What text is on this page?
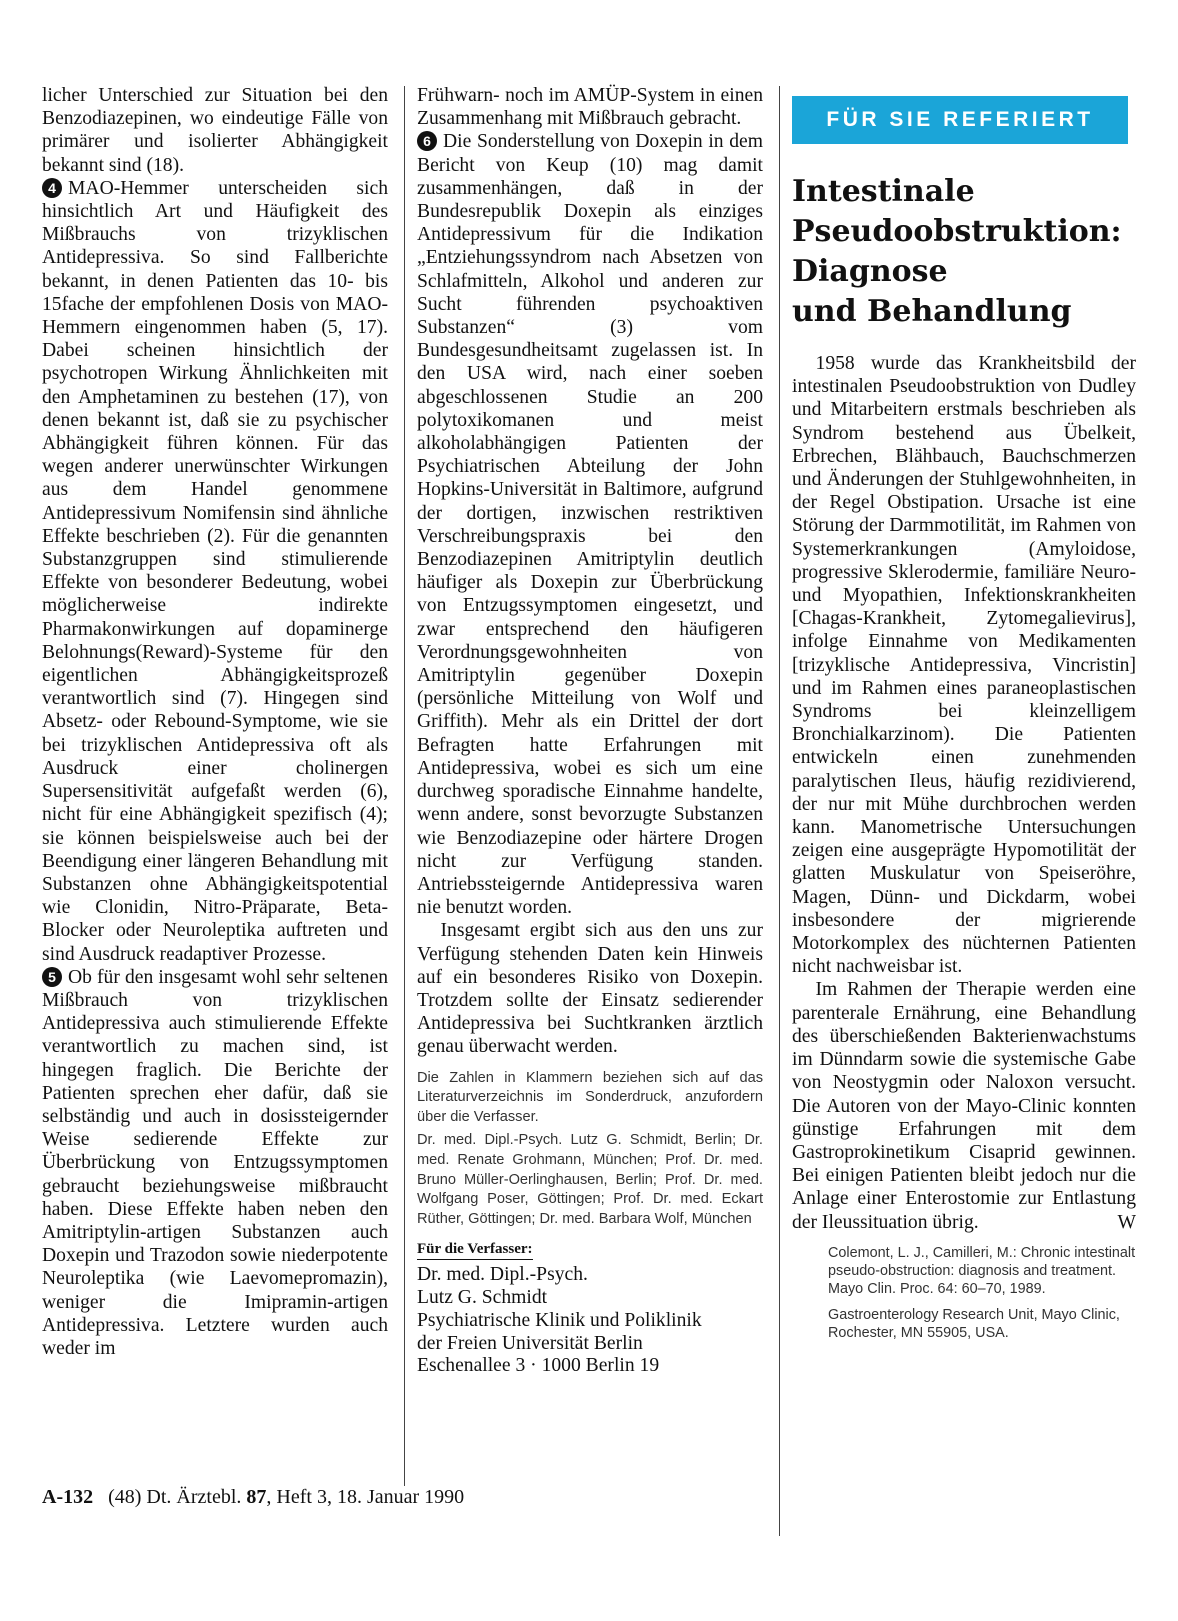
licher Unterschied zur Situation bei den Benzodiazepinen, wo eindeutige Fälle von primärer und isolierter Abhängigkeit bekannt sind (18).

4 MAO-Hemmer unterscheiden sich hinsichtlich Art und Häufigkeit des Mißbrauchs von trizyklischen Antidepressiva. So sind Fallberichte bekannt, in denen Patienten das 10- bis 15fache der empfohlenen Dosis von MAO-Hemmern eingenommen haben (5, 17). Dabei scheinen hinsichtlich der psychotropen Wirkung Ähnlichkeiten mit den Amphetaminen zu bestehen (17), von denen bekannt ist, daß sie zu psychischer Abhängigkeit führen können. Für das wegen anderer unerwünschter Wirkungen aus dem Handel genommene Antidepressivum Nomifensin sind ähnliche Effekte beschrieben (2). Für die genannten Substanzgruppen sind stimulierende Effekte von besonderer Bedeutung, wobei möglicherweise indirekte Pharmakonwirkungen auf dopaminerge Belohnungs(Reward)-Systeme für den eigentlichen Abhängigkeitsprozeß verantwortlich sind (7). Hingegen sind Absetz- oder Rebound-Symptome, wie sie bei trizyklischen Antidepressiva oft als Ausdruck einer cholinergen Supersensitivität aufgefaßt werden (6), nicht für eine Abhängigkeit spezifisch (4); sie können beispielsweise auch bei der Beendigung einer längeren Behandlung mit Substanzen ohne Abhängigkeitspotential wie Clonidin, Nitro-Präparate, Beta-Blocker oder Neuroleptika auftreten und sind Ausdruck readaptiver Prozesse.

5 Ob für den insgesamt wohl sehr seltenen Mißbrauch von trizyklischen Antidepressiva auch stimulierende Effekte verantwortlich zu machen sind, ist hingegen fraglich. Die Berichte der Patienten sprechen eher dafür, daß sie selbständig und auch in dosissteigernder Weise sedierende Effekte zur Überbrückung von Entzugssymptomen gebraucht beziehungsweise mißbraucht haben. Diese Effekte haben neben den Amitriptylin-artigen Substanzen auch Doxepin und Trazodon sowie niederpotente Neuroleptika (wie Laevomepromazin), weniger die Imipramin-artigen Antidepressiva. Letztere wurden auch weder im

Frühwarn- noch im AMÜP-System in einen Zusammenhang mit Mißbrauch gebracht.

6 Die Sonderstellung von Doxepin in dem Bericht von Keup (10) mag damit zusammenhängen, daß in der Bundesrepublik Doxepin als einziges Antidepressivum für die Indikation „Entziehungssyndrom nach Absetzen von Schlafmitteln, Alkohol und anderen zur Sucht führenden psychoaktiven Substanzen“ (3) vom Bundesgesundheitsamt zugelassen ist. In den USA wird, nach einer soeben abgeschlossenen Studie an 200 polytoxikomanen und meist alkoholabhängigen Patienten der Psychiatrischen Abteilung der John Hopkins-Universität in Baltimore, aufgrund der dortigen, inzwischen restriktiven Verschreibungspraxis bei den Benzodiazepinen Amitriptylin deutlich häufiger als Doxepin zur Überbrückung von Entzugssymptomen eingesetzt, und zwar entsprechend den häufigeren Verordnungsgewohnheiten von Amitriptylin gegenüber Doxepin (persönliche Mitteilung von Wolf und Griffith). Mehr als ein Drittel der dort Befragten hatte Erfahrungen mit Antidepressiva, wobei es sich um eine durchweg sporadische Einnahme handelte, wenn andere, sonst bevorzugte Substanzen wie Benzodiazepine oder härtere Drogen nicht zur Verfügung standen. Antriebssteigernde Antidepressiva waren nie benutzt worden.

Insgesamt ergibt sich aus den uns zur Verfügung stehenden Daten kein Hinweis auf ein besonderes Risiko von Doxepin. Trotzdem sollte der Einsatz sedierender Antidepressiva bei Suchtkranken ärztlich genau überwacht werden.

Die Zahlen in Klammern beziehen sich auf das Literaturverzeichnis im Sonderdruck, anzufordern über die Verfasser.
Dr. med. Dipl.-Psych. Lutz G. Schmidt, Berlin; Dr. med. Renate Grohmann, München; Prof. Dr. med. Bruno Müller-Oerlinghausen, Berlin; Prof. Dr. med. Wolfgang Poser, Göttingen; Prof. Dr. med. Eckart Rüther, Göttingen; Dr. med. Barbara Wolf, München
Für die Verfasser:
Dr. med. Dipl.-Psych.
Lutz G. Schmidt
Psychiatrische Klinik und Poliklinik
der Freien Universität Berlin
Eschenallee 3 · 1000 Berlin 19
FÜR SIE REFERIERT
Intestinale
Pseudoobstruktion:
Diagnose
und Behandlung

1958 wurde das Krankheitsbild der intestinalen Pseudoobstruktion von Dudley und Mitarbeitern erstmals beschrieben als Syndrom bestehend aus Übelkeit, Erbrechen, Blähbauch, Bauchschmerzen und Änderungen der Stuhlgewohnheiten, in der Regel Obstipation. Ursache ist eine Störung der Darmmotilität, im Rahmen von Systemerkrankungen (Amyloidose, progressive Sklerodermie, familiäre Neuro- und Myopathien, Infektionskrankheiten [Chagas-Krankheit, Zytomegalievirus], infolge Einnahme von Medikamenten [trizyklische Antidepressiva, Vincristin] und im Rahmen eines paraneoplastischen Syndroms bei kleinzelligem Bronchialkarzinom). Die Patienten entwickeln einen zunehmenden paralytischen Ileus, häufig rezidivierend, der nur mit Mühe durchbrochen werden kann. Manometrische Untersuchungen zeigen eine ausgeprägte Hypomotilität der glatten Muskulatur von Speiseröhre, Magen, Dünn- und Dickdarm, wobei insbesondere der migrierende Motorkomplex des nüchternen Patienten nicht nachweisbar ist.

Im Rahmen der Therapie werden eine parenterale Ernährung, eine Behandlung des überschießenden Bakterienwachstums im Dünndarm sowie die systemische Gabe von Neostygmin oder Naloxon versucht. Die Autoren von der Mayo-Clinic konnten günstige Erfahrungen mit dem Gastroprokinetikum Cisaprid gewinnen. Bei einigen Patienten bleibt jedoch nur die Anlage einer Enterostomie zur Entlastung der Ileussituation übrig.	W

Colemont, L. J., Camilleri, M.: Chronic intestinalt pseudo-obstruction: diagnosis and treatment. Mayo Clin. Proc. 64: 60–70, 1989.
Gastroenterology Research Unit, Mayo Clinic, Rochester, MN 55905, USA.
A-132 (48) Dt. Ärztebl. 87, Heft 3, 18. Januar 1990
